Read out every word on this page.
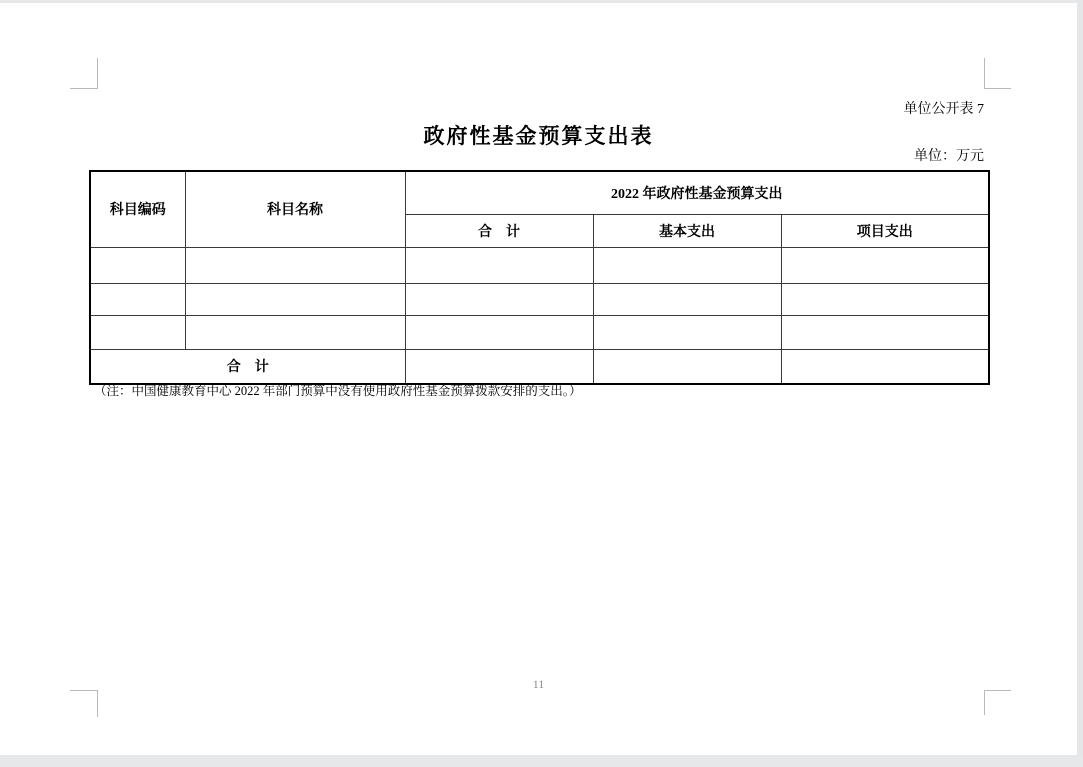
单位公开表 7
政府性基金预算支出表
单位：万元
科目编码	科目名称	2022 年政府性基金预算支出		
		合　计	基本支出	项目支出

合　计				
（注：中国健康教育中心 2022 年部门预算中没有使用政府性基金预算拨款安排的支出。）
11
